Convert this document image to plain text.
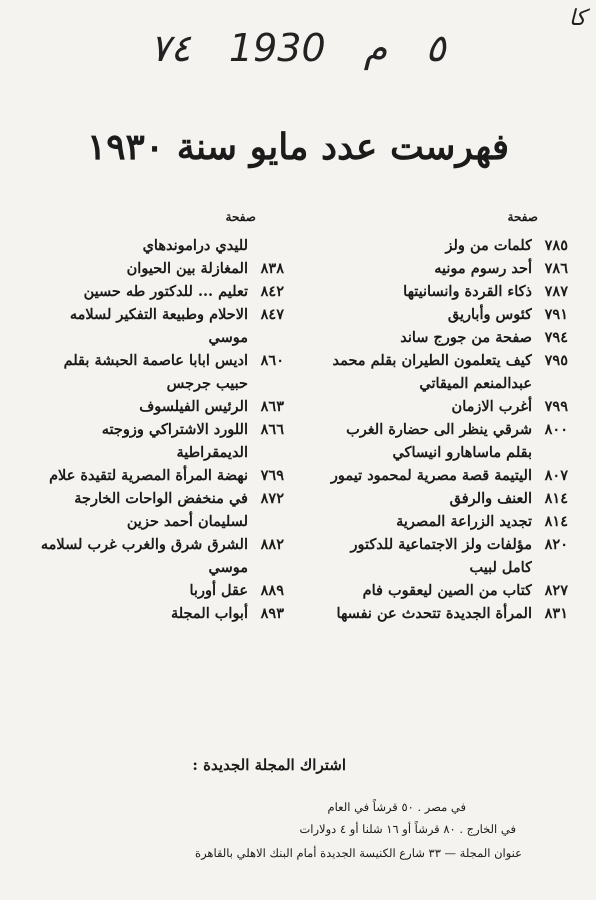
كا
٧٤ 1930	٥ م
فهرست عدد مايو سنة ١٩٣٠
صفحة
صفحة
٧٨٥
كلمات من ولز
٧٨٦
أحد رسوم مونيه
٧٨٧
ذكاء القردة وانسانيتها
٧٩١
كئوس وأباريق
٧٩٤
صفحة من جورج ساند
٧٩٥
كيف يتعلمون الطيران بقلم محمد
عبدالمنعم الميقاتي
٧٩٩
أغرب الازمان
٨٠٠
شرقي ينظر الى حضارة الغرب
بقلم ماساهارو انيساكي
٨٠٧
اليتيمة قصة مصرية لمحمود تيمور
٨١٤
العنف والرفق
٨١٤
تجديد الزراعة المصرية
٨٢٠
مؤلفات ولز الاجتماعية للدكتور
كامل لبيب
٨٢٧
كتاب من الصين ليعقوب فام
٨٣١
المرأة الجديدة تتحدث عن نفسها
لليدي دراموندهاي
٨٣٨
المغازلة بين الحيوان
٨٤٢
تعليم ... للدكتور طه حسين
٨٤٧
الاحلام وطبيعة التفكير لسلامه
موسي
٨٦٠
اديس ابابا عاصمة الحبشة بقلم
حبيب جرجس
٨٦٣
الرئيس الفيلسوف
٨٦٦
اللورد الاشتراكي وزوجته
الديمقراطية
٧٦٩
نهضة المرأة المصرية لتقيدة علام
٨٧٢
في منخفض الواحات الخارجة
لسليمان أحمد حزين
٨٨٢
الشرق شرق والغرب غرب لسلامه
موسي
٨٨٩
عقل أوربا
٨٩٣
أبواب المجلة
اشتراك المجلة الجديدة :
في مصر . ٥٠ قرشاً في العام
في الخارج . ٨٠ قرشاً أو ١٦ شلنا أو ٤ دولارات
عنوان المجلة — ٣٣ شارع الكنيسة الجديدة أمام البنك الاهلي بالقاهرة
